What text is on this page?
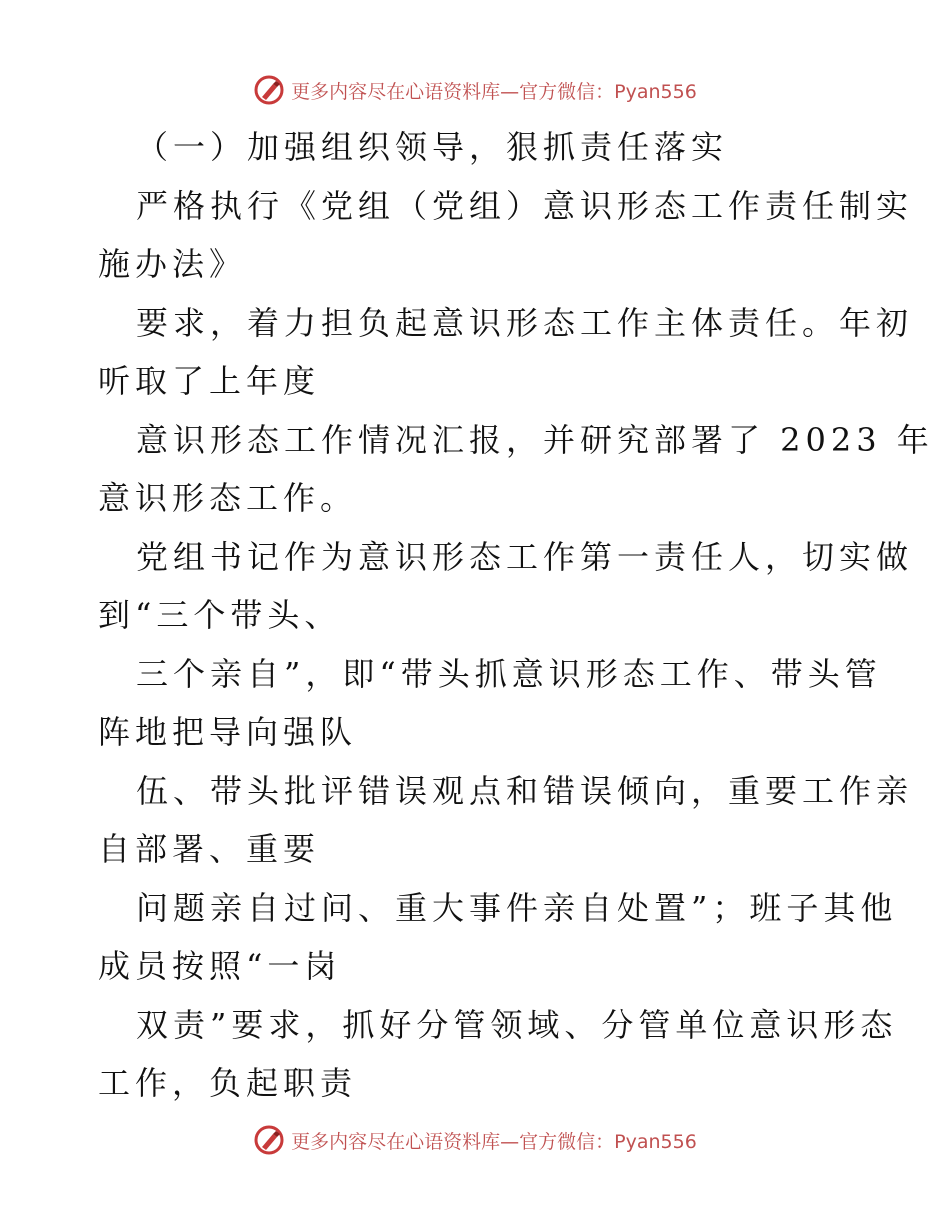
更多内容尽在心语资料库—官方微信：Pyan556
（一）加强组织领导，狠抓责任落实
严格执行《党组（党组）意识形态工作责任制实
施办法》
要求，着力担负起意识形态工作主体责任。年初
听取了上年度
意识形态工作情况汇报，并研究部署了 2023 年
意识形态工作。
党组书记作为意识形态工作第一责任人，切实做
到“三个带头、
三个亲自”，即“带头抓意识形态工作、带头管
阵地把导向强队
伍、带头批评错误观点和错误倾向，重要工作亲
自部署、重要
问题亲自过问、重大事件亲自处置”；班子其他
成员按照“一岗
双责”要求，抓好分管领域、分管单位意识形态
工作，负起职责
更多内容尽在心语资料库—官方微信：Pyan556
